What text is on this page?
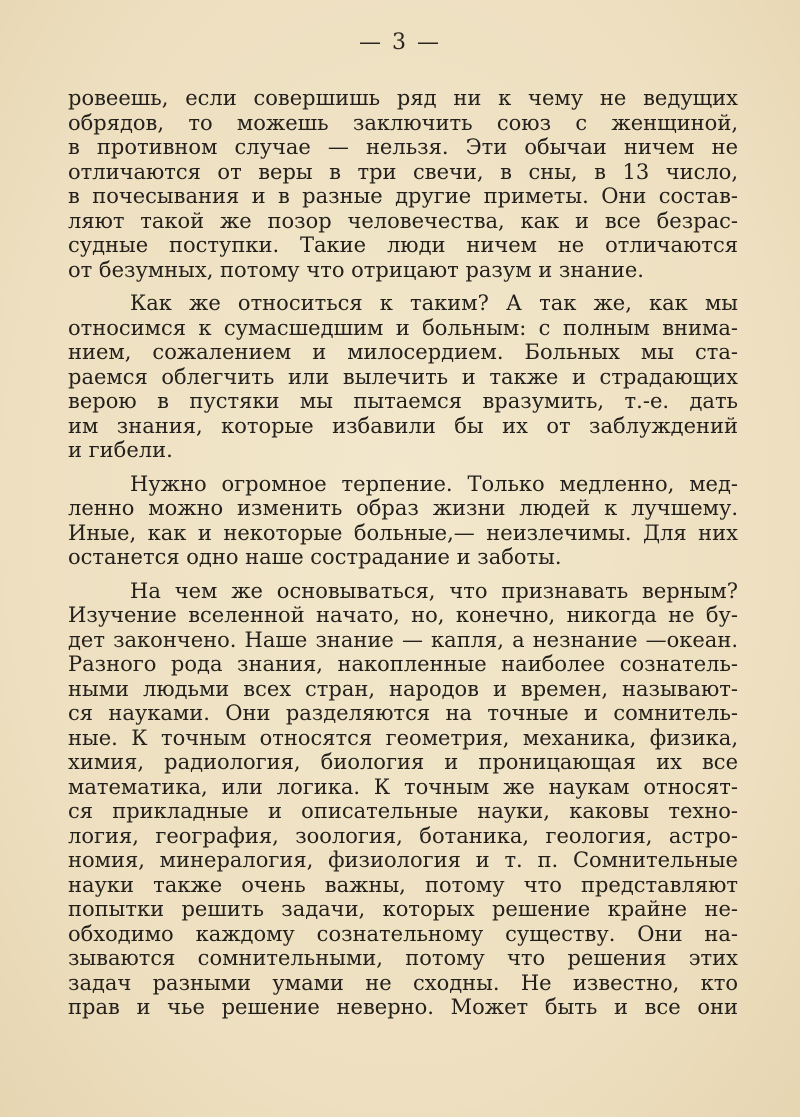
— 3 —
ровеешь, если совершишь ряд ни к чему не ведущих
обрядов, то можешь заключить союз с женщиной,
в противном случае — нельзя. Эти обычаи ничем не
отличаются от веры в три свечи, в сны, в 13 число,
в почесывания и в разные другие приметы. Они состав-
ляют такой же позор человечества, как и все безрас-
судные поступки. Такие люди ничем не отличаются
от безумных, потому что отрицают разум и знание.
Как же относиться к таким? А так же, как мы
относимся к сумасшедшим и больным: с полным внима-
нием, сожалением и милосердием. Больных мы ста-
раемся облегчить или вылечить и также и страдающих
верою в пустяки мы пытаемся вразумить, т.-е. дать
им знания, которые избавили бы их от заблуждений
и гибели.
Нужно огромное терпение. Только медленно, мед-
ленно можно изменить образ жизни людей к лучшему.
Иные, как и некоторые больные,— неизлечимы. Для них
останется одно наше сострадание и заботы.
На чем же основываться, что признавать верным?
Изучение вселенной начато, но, конечно, никогда не бу-
дет закончено. Наше знание — капля, а незнание —океан.
Разного рода знания, накопленные наиболее сознатель-
ными людьми всех стран, народов и времен, называют-
ся науками. Они разделяются на точные и сомнитель-
ные. К точным относятся геометрия, механика, физика,
химия, радиология, биология и проницающая их все
математика, или логика. К точным же наукам относят-
ся прикладные и описательные науки, каковы техно-
логия, география, зоология, ботаника, геология, астро-
номия, минералогия, физиология и т. п. Сомнительные
науки также очень важны, потому что представляют
попытки решить задачи, которых решение крайне не-
обходимо каждому сознательному существу. Они на-
зываются сомнительными, потому что решения этих
задач разными умами не сходны. Не известно, кто
прав и чье решение неверно. Может быть и все они
